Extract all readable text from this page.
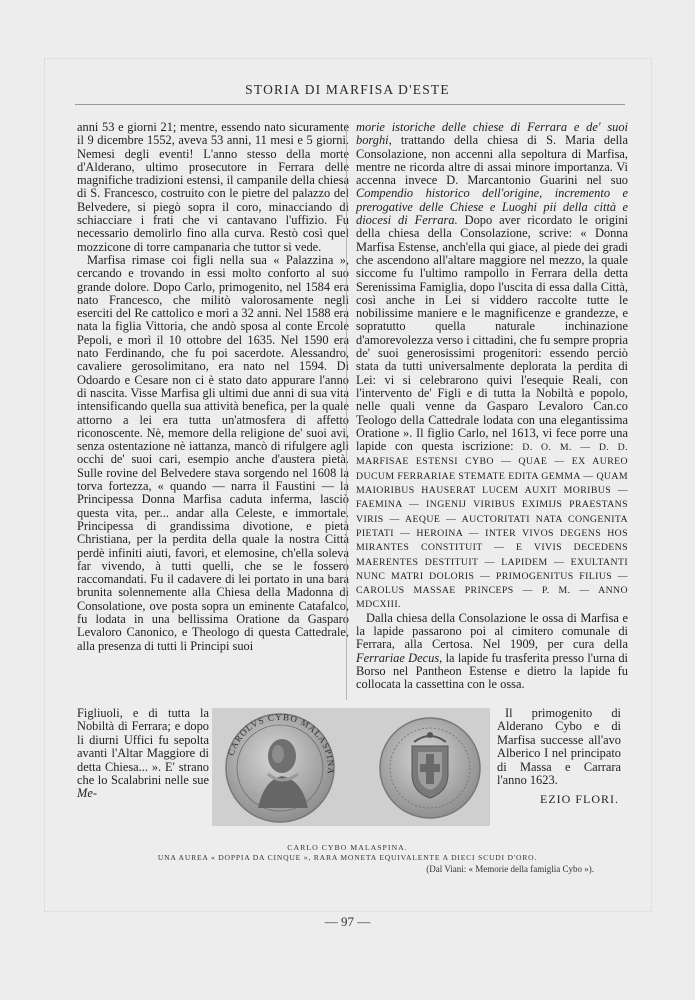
STORIA DI MARFISA D'ESTE

anni 53 e giorni 21; mentre, essendo nato sicuramente il 9 dicembre 1552, aveva 53 anni, 11 mesi e 5 giorni. Nemesi degli eventi! L'anno stesso della morte d'Alderano, ultimo prosecutore in Ferrara delle magnifiche tradizioni estensi, il campanile della chiesa di S. Francesco, costruito con le pietre del palazzo del Belvedere, si piegò sopra il coro, minacciando di schiacciare i frati che vi cantavano l'uffizio. Fu necessario demolirlo fino alla curva. Restò così quel mozzicone di torre campanaria che tuttor si vede.

Marfisa rimase coi figli nella sua « Palazzina », cercando e trovando in essi molto conforto al suo grande dolore. Dopo Carlo, primogenito, nel 1584 era nato Francesco, che militò valorosamente negli eserciti del Re cattolico e morì a 32 anni. Nel 1588 era nata la figlia Vittoria, che andò sposa al conte Ercole Pepoli, e morì il 10 ottobre del 1635. Nel 1590 era nato Ferdinando, che fu poi sacerdote. Alessandro, cavaliere gerosolimitano, era nato nel 1594. Di Odoardo e Cesare non ci è stato dato appurare l'anno di nascita. Visse Marfisa gli ultimi due anni di sua vita intensificando quella sua attività benefica, per la quale attorno a lei era tutta un'atmosfera di affetto riconoscente. Nè, memore della religione de' suoi avi, senza ostentazione nè iattanza, mancò di rifulgere agli occhi de' suoi cari, esempio anche d'austera pietà. Sulle rovine del Belvedere stava sorgendo nel 1608 la torva fortezza, « quando — narra il Faustini — la Principessa Donna Marfisa caduta inferma, lasciò questa vita, per... andar alla Celeste, e immortale. Principessa di grandissima divotione, e pietà Christiana, per la perdita della quale la nostra Città perdè infiniti aiuti, favori, et elemosine, ch'ella soleva far vivendo, à tutti quelli, che se le fossero raccomandati. Fu il cadavere di lei portato in una bara brunita solennemente alla Chiesa della Madonna di Consolatione, ove posta sopra un eminente Catafalco, fu lodata in una bellissima Oratione da Gasparo Levaloro Canonico, e Theologo di questa Cattedrale, alla presenza di tutti li Principi suoi

morie istoriche delle chiese di Ferrara e de' suoi borghi, trattando della chiesa di S. Maria della Consolazione, non accenni alla sepoltura di Marfisa, mentre ne ricorda altre di assai minore importanza. Vi accenna invece D. Marcantonio Guarini nel suo Compendio historico dell'origine, incremento e prerogative delle Chiese e Luoghi pii della città e diocesi di Ferrara. Dopo aver ricordato le origini della chiesa della Consolazione, scrive: « Donna Marfisa Estense, anch'ella qui giace, al piede dei gradi che ascendono all'altare maggiore nel mezzo, la quale siccome fu l'ultimo rampollo in Ferrara della detta Serenissima Famiglia, dopo l'uscita di essa dalla Città, così anche in Lei si viddero raccolte tutte le nobilissime maniere e le magnificenze e grandezze, e sopratutto quella naturale inchinazione d'amorevolezza verso i cittadini, che fu sempre propria de' suoi generosissimi progenitori: essendo perciò stata da tutti universalmente deplorata la perdita di Lei: vi si celebrarono quivi l'esequie Reali, con l'intervento de' Figli e di tutta la Nobiltà e popolo, nelle quali venne da Gasparo Levaloro Can.co Teologo della Cattedrale lodata con una elegantissima Oratione ». Il figlio Carlo, nel 1613, vi fece porre una lapide con questa iscrizione: D. O. M. — D. D. MARFISAE ESTENSI CYBO — QUAE — EX AUREO DUCUM FERRARIAE STEMATE EDITA GEMMA — QUAM MAIORIBUS HAUSERAT LUCEM AUXIT MORIBUS — FAEMINA — INGENIJ VIRIBUS EXIMIJS PRAESTANS VIRIS — AEQUE — AUCTORITATI NATA CONGENITA PIETATI — HEROINA — INTER VIVOS DEGENS HOS MIRANTES CONSTITUIT — E VIVIS DECEDENS MAERENTES DESTITUIT — LAPIDEM — EXULTANTI NUNC MATRI DOLORIS — PRIMOGENITUS FILIUS — CAROLUS MASSAE PRINCEPS — P. M. — ANNO MDCXIII.

Dalla chiesa della Consolazione le ossa di Marfisa e la lapide passarono poi al cimitero comunale di Ferrara, alla Certosa. Nel 1909, per cura della Ferrariae Decus, la lapide fu trasferita presso l'urna di Borso nel Pantheon Estense e dietro la lapide fu collocata la cassettina con le ossa.

Figliuoli, e di tutta la Nobiltà di Ferrara; e dopo li diurni Uffici fu sepolta avanti l'Altar Maggiore di detta Chiesa... ». E' strano che lo Scalabrini nelle sue Me-

CAROLVS CYBO MALASPINA

Il primogenito di Alderano Cybo e di Marfisa successe all'avo Alberico I nel principato di Massa e Carrara l'anno 1623.

EZIO FLORI.
CARLO CYBO MALASPINA.
UNA AUREA « DOPPIA DA CINQUE », RARA MONETA EQUIVALENTE A DIECI SCUDI D'ORO.
(Dal Viani: « Memorie della famiglia Cybo »).
— 97 —
